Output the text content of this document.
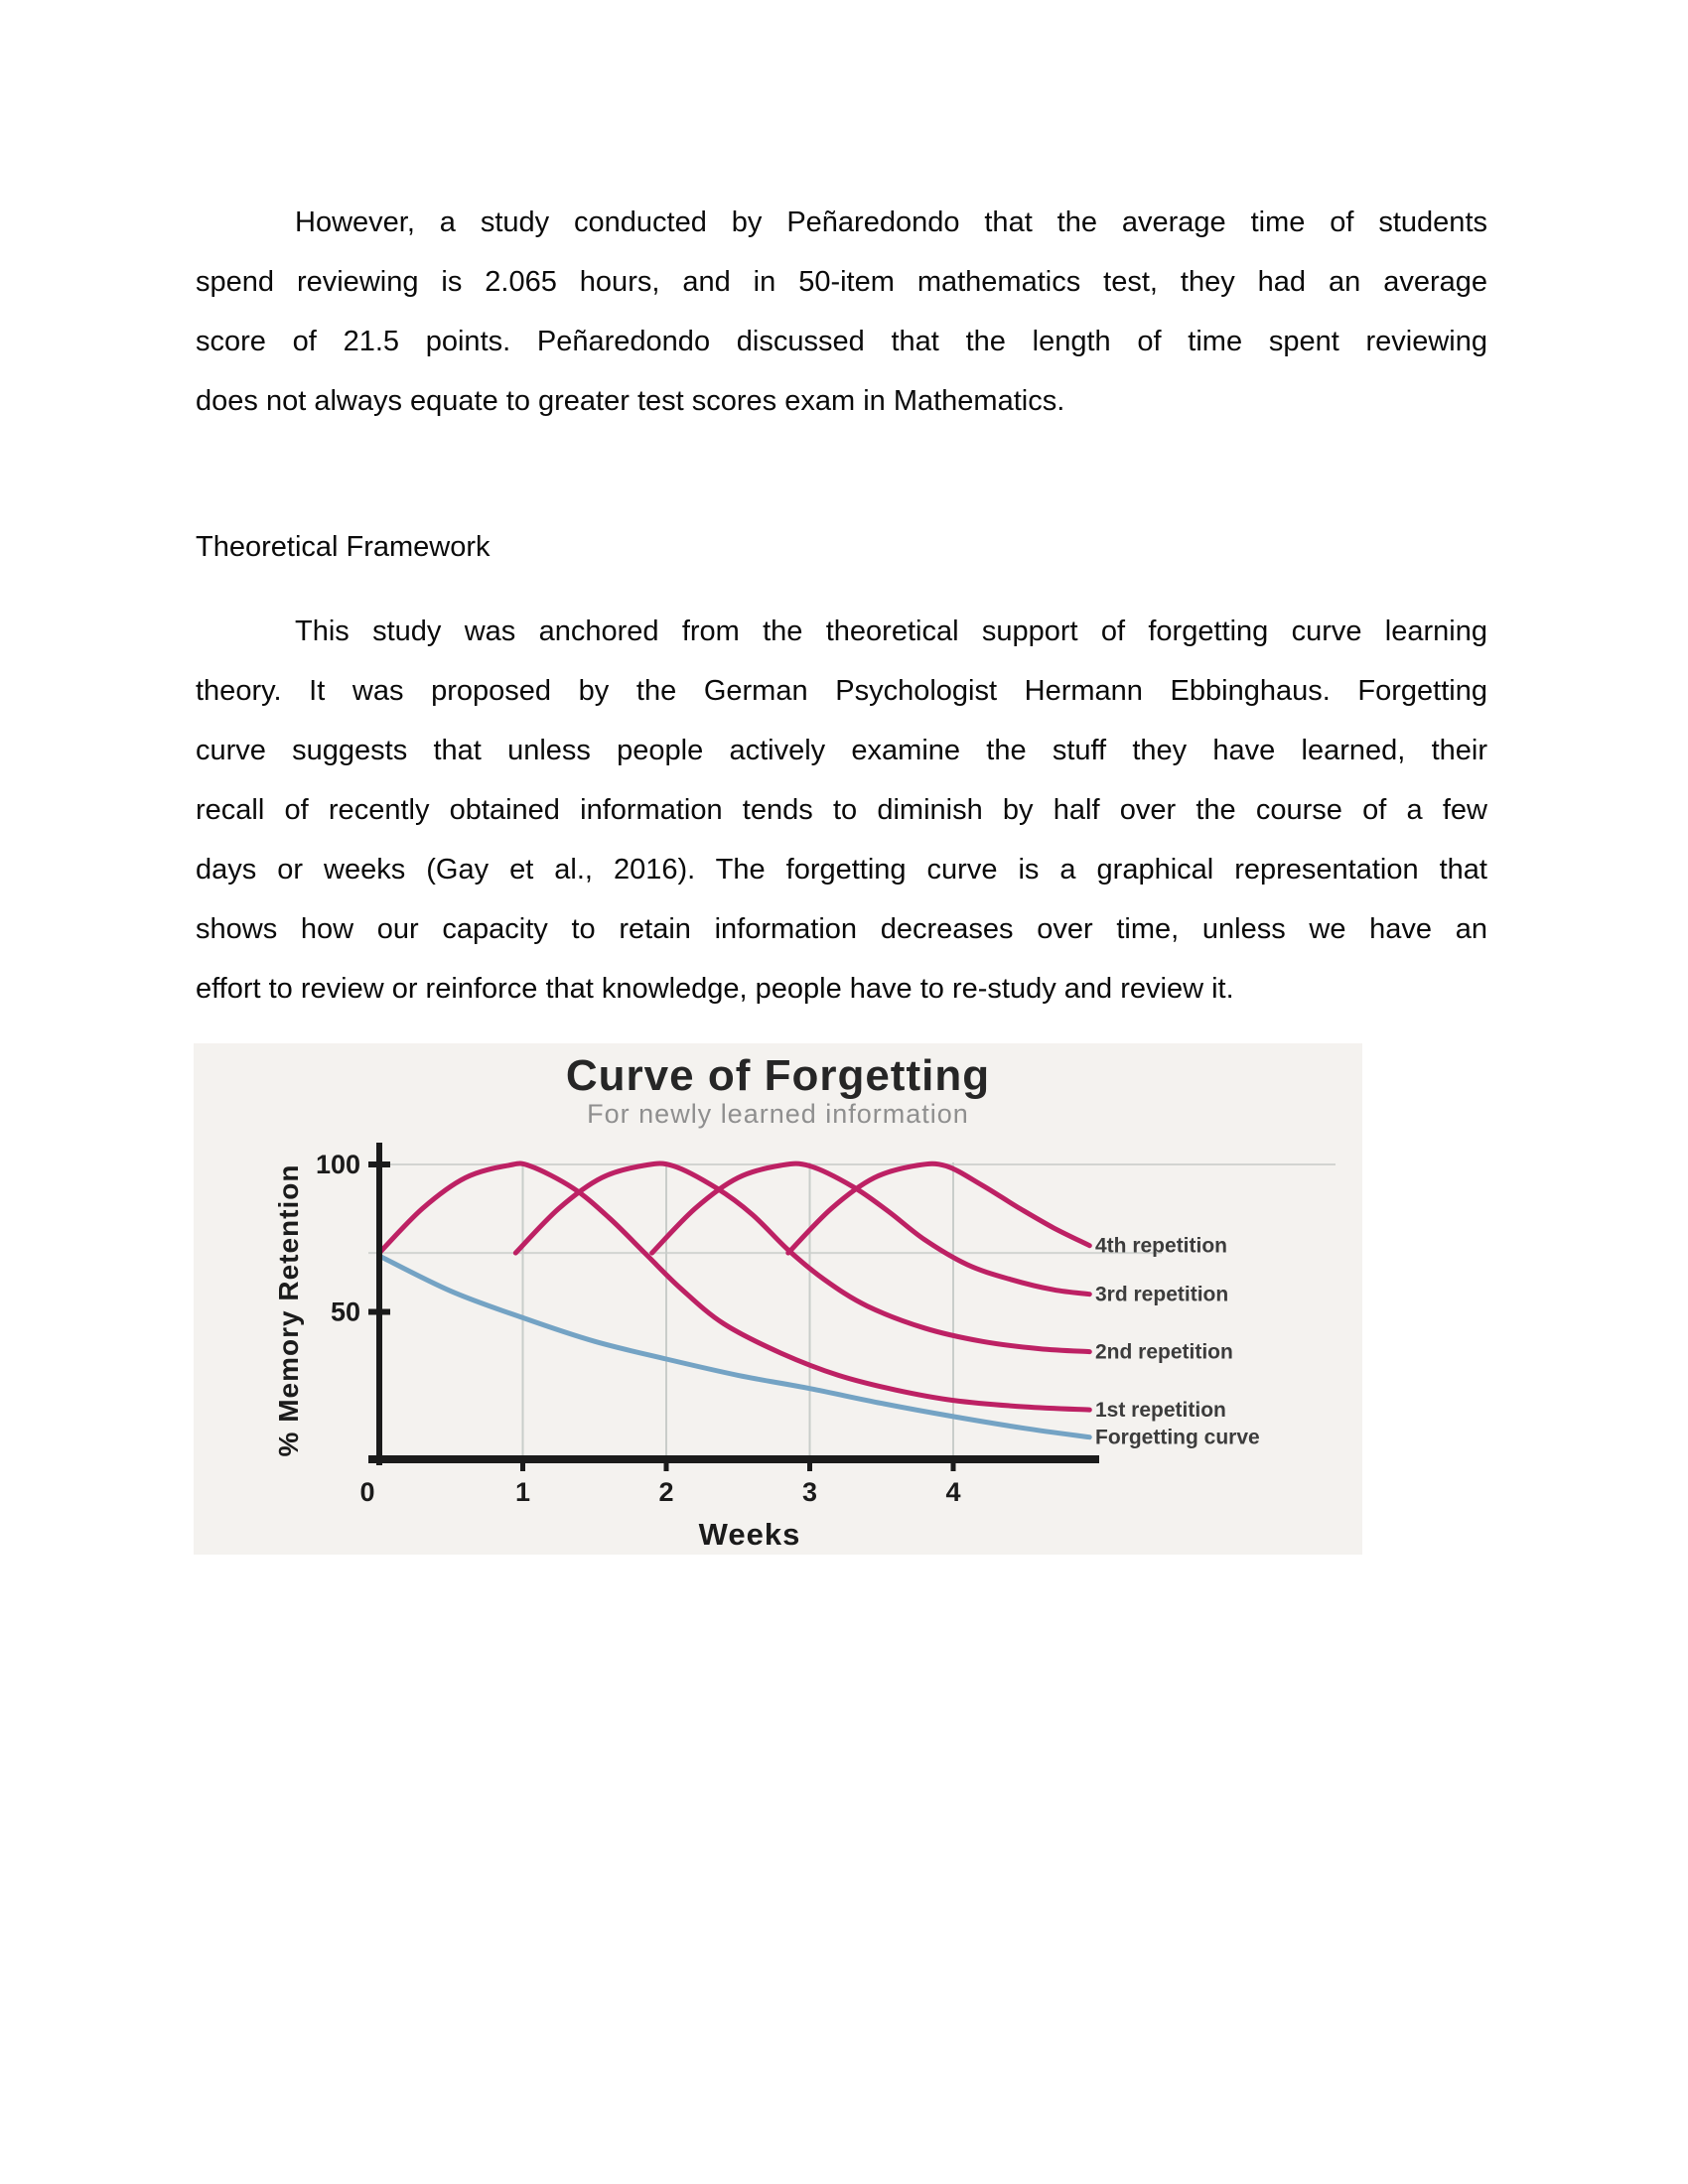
However, a study conducted by Peñaredondo that the average time of students
spend reviewing is 2.065 hours, and in 50-item mathematics test, they had an average
score of 21.5 points. Peñaredondo discussed that the length of time spent reviewing
does not always equate to greater test scores exam in Mathematics.
Theoretical Framework
This study was anchored from the theoretical support of forgetting curve learning
theory. It was proposed by the German Psychologist Hermann Ebbinghaus. Forgetting
curve suggests that unless people actively examine the stuff they have learned, their
recall of recently obtained information tends to diminish by half over the course of a few
days or weeks (Gay et al., 2016). The forgetting curve is a graphical representation that
shows how our capacity to retain information decreases over time, unless we have an
effort to review or reinforce that knowledge, people have to re-study and review it.
Curve of Forgetting
For newly learned information
Forgetting curve
1st repetition
2nd repetition
3rd repetition
4th repetition
100
50
0	1	2	3	4
Weeks
% Memory Retention
